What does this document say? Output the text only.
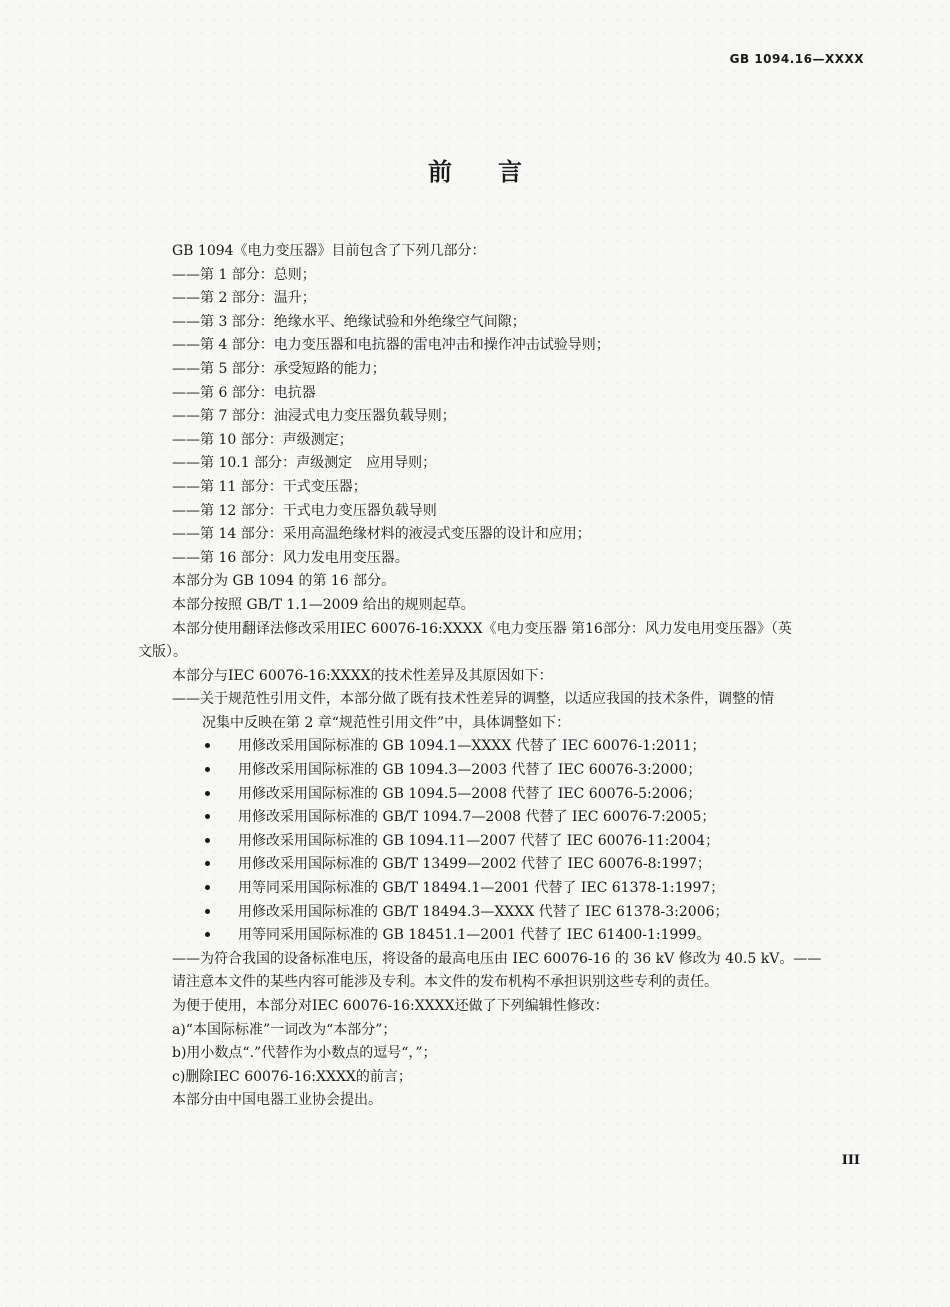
GB 1094.16—XXXX
前 言
GB 1094《电力变压器》目前包含了下列几部分：
——第 1 部分：总则；
——第 2 部分：温升；
——第 3 部分：绝缘水平、绝缘试验和外绝缘空气间隙；
——第 4 部分：电力变压器和电抗器的雷电冲击和操作冲击试验导则；
——第 5 部分：承受短路的能力；
——第 6 部分：电抗器
——第 7 部分：油浸式电力变压器负载导则；
——第 10 部分：声级测定；
——第 10.1 部分：声级测定　应用导则；
——第 11 部分：干式变压器；
——第 12 部分：干式电力变压器负载导则
——第 14 部分：采用高温绝缘材料的液浸式变压器的设计和应用；
——第 16 部分：风力发电用变压器。
本部分为 GB 1094 的第 16 部分。
本部分按照 GB/T 1.1—2009 给出的规则起草。
本部分使用翻译法修改采用IEC 60076-16:XXXX《电力变压器 第16部分：风力发电用变压器》（英
文版）。
本部分与IEC 60076-16:XXXX的技术性差异及其原因如下：
——关于规范性引用文件，本部分做了既有技术性差异的调整，以适应我国的技术条件，调整的情
况集中反映在第 2 章“规范性引用文件”中，具体调整如下：
用修改采用国际标准的 GB 1094.1—XXXX 代替了 IEC 60076-1:2011；
用修改采用国际标准的 GB 1094.3—2003 代替了 IEC 60076-3:2000；
用修改采用国际标准的 GB 1094.5—2008 代替了 IEC 60076-5:2006；
用修改采用国际标准的 GB/T 1094.7—2008 代替了 IEC 60076-7:2005；
用修改采用国际标准的 GB 1094.11—2007 代替了 IEC 60076-11:2004；
用修改采用国际标准的 GB/T 13499—2002 代替了 IEC 60076-8:1997；
用等同采用国际标准的 GB/T 18494.1—2001 代替了 IEC 61378-1:1997；
用修改采用国际标准的 GB/T 18494.3—XXXX 代替了 IEC 61378-3:2006；
用等同采用国际标准的 GB 18451.1—2001 代替了 IEC 61400-1:1999。
——为符合我国的设备标准电压，将设备的最高电压由 IEC 60076-16 的 36 kV 修改为 40.5 kV。——
请注意本文件的某些内容可能涉及专利。本文件的发布机构不承担识别这些专利的责任。
为便于使用，本部分对IEC 60076-16:XXXX还做了下列编辑性修改：
a)“本国际标准”一词改为“本部分”；
b)用小数点“.”代替作为小数点的逗号“，”；
c)删除IEC 60076-16:XXXX的前言；
本部分由中国电器工业协会提出。
III
